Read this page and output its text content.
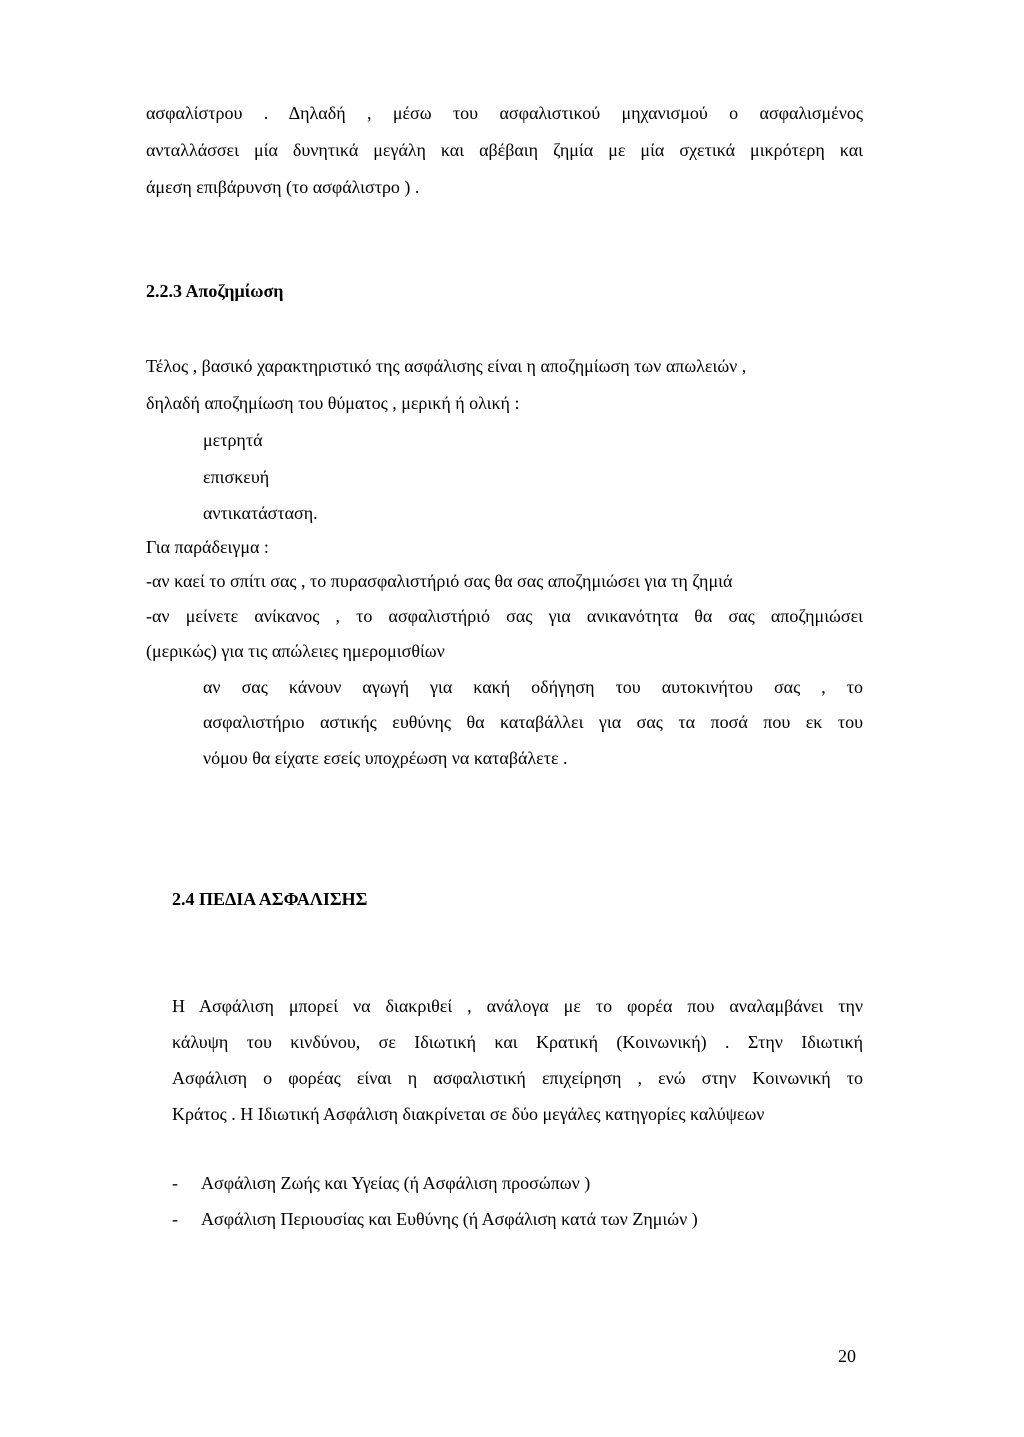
ασφαλίστρου . Δηλαδή , μέσω του ασφαλιστικού μηχανισμού ο ασφαλισμένος
ανταλλάσσει μία δυνητικά μεγάλη και αβέβαιη ζημία με μία σχετικά μικρότερη και
άμεση επιβάρυνση (το ασφάλιστρο ) .
2.2.3 Αποζημίωση
Τέλος , βασικό χαρακτηριστικό της ασφάλισης είναι η αποζημίωση των απωλειών ,
δηλαδή αποζημίωση του θύματος , μερική ή ολική :
μετρητά
επισκευή
αντικατάσταση.
Για παράδειγμα :
-αν καεί το σπίτι σας , το πυρασφαλιστήριό σας θα σας αποζημιώσει για τη ζημιά
-αν μείνετε ανίκανος , το ασφαλιστήριό σας για ανικανότητα θα σας αποζημιώσει
(μερικώς) για τις απώλειες ημερομισθίων
αν σας κάνουν αγωγή για κακή οδήγηση του αυτοκινήτου σας , το
ασφαλιστήριο αστικής ευθύνης θα καταβάλλει για σας τα ποσά που εκ του
νόμου θα είχατε εσείς υποχρέωση να καταβάλετε .
2.4 ΠΕΔΙΑ ΑΣΦΑΛΙΣΗΣ
Η Ασφάλιση μπορεί να διακριθεί , ανάλογα με το φορέα που αναλαμβάνει την
κάλυψη του κινδύνου, σε Ιδιωτική και Κρατική (Κοινωνική) . Στην Ιδιωτική
Ασφάλιση ο φορέας είναι η ασφαλιστική επιχείρηση , ενώ στην Κοινωνική το
Κράτος . Η Ιδιωτική Ασφάλιση διακρίνεται σε δύο μεγάλες κατηγορίες καλύψεων
- Ασφάλιση Ζωής και Υγείας (ή Ασφάλιση προσώπων )
- Ασφάλιση Περιουσίας και Ευθύνης (ή Ασφάλιση κατά των Ζημιών )
20
